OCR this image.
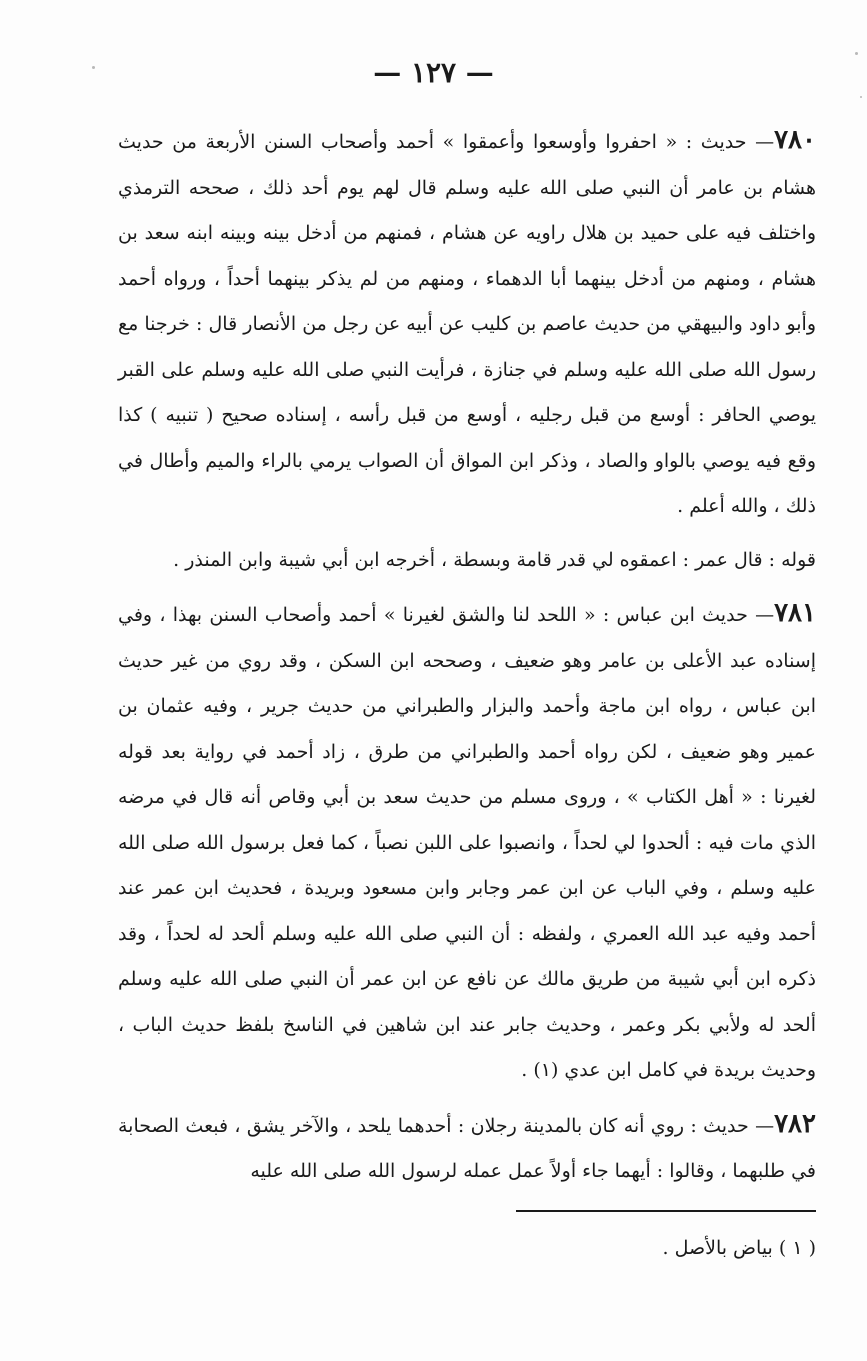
— ١٢٧ —

٧٨٠— حديث : « احفروا وأوسعوا وأعمقوا » أحمد وأصحاب السنن الأربعة من حديث هشام بن عامر أن النبي صلى الله عليه وسلم قال لهم يوم أحد ذلك ، صححه الترمذي واختلف فيه على حميد بن هلال راويه عن هشام ، فمنهم من أدخل بينه وبينه ابنه سعد بن هشام ، ومنهم من أدخل بينهما أبا الدهماء ، ومنهم من لم يذكر بينهما أحداً ، ورواه أحمد وأبو داود والبيهقي من حديث عاصم بن كليب عن أبيه عن رجل من الأنصار قال : خرجنا مع رسول الله صلى الله عليه وسلم في جنازة ، فرأيت النبي صلى الله عليه وسلم على القبر يوصي الحافر : أوسع من قبل رجليه ، أوسع من قبل رأسه ، إسناده صحيح ( تنبيه ) كذا وقع فيه يوصي بالواو والصاد ، وذكر ابن المواق أن الصواب يرمي بالراء والميم وأطال في ذلك ، والله أعلم .

قوله : قال عمر : اعمقوه لي قدر قامة وبسطة ، أخرجه ابن أبي شيبة وابن المنذر .

٧٨١— حديث ابن عباس : « اللحد لنا والشق لغيرنا » أحمد وأصحاب السنن بهذا ، وفي إسناده عبد الأعلى بن عامر وهو ضعيف ، وصححه ابن السكن ، وقد روي من غير حديث ابن عباس ، رواه ابن ماجة وأحمد والبزار والطبراني من حديث جرير ، وفيه عثمان بن عمير وهو ضعيف ، لكن رواه أحمد والطبراني من طرق ، زاد أحمد في رواية بعد قوله لغيرنا : « أهل الكتاب » ، وروى مسلم من حديث سعد بن أبي وقاص أنه قال في مرضه الذي مات فيه : ألحدوا لي لحداً ، وانصبوا على اللبن نصباً ، كما فعل برسول الله صلى الله عليه وسلم ، وفي الباب عن ابن عمر وجابر وابن مسعود وبريدة ، فحديث ابن عمر عند أحمد وفيه عبد الله العمري ، ولفظه : أن النبي صلى الله عليه وسلم ألحد له لحداً ، وقد ذكره ابن أبي شيبة من طريق مالك عن نافع عن ابن عمر أن النبي صلى الله عليه وسلم ألحد له ولأبي بكر وعمر ، وحديث جابر عند ابن شاهين في الناسخ بلفظ حديث الباب ، وحديث بريدة في كامل ابن عدي (١) .

٧٨٢— حديث : روي أنه كان بالمدينة رجلان : أحدهما يلحد ، والآخر يشق ، فبعث الصحابة في طلبهما ، وقالوا : أيهما جاء أولاً عمل عمله لرسول الله صلى الله عليه

( ١ ) بياض بالأصل .
